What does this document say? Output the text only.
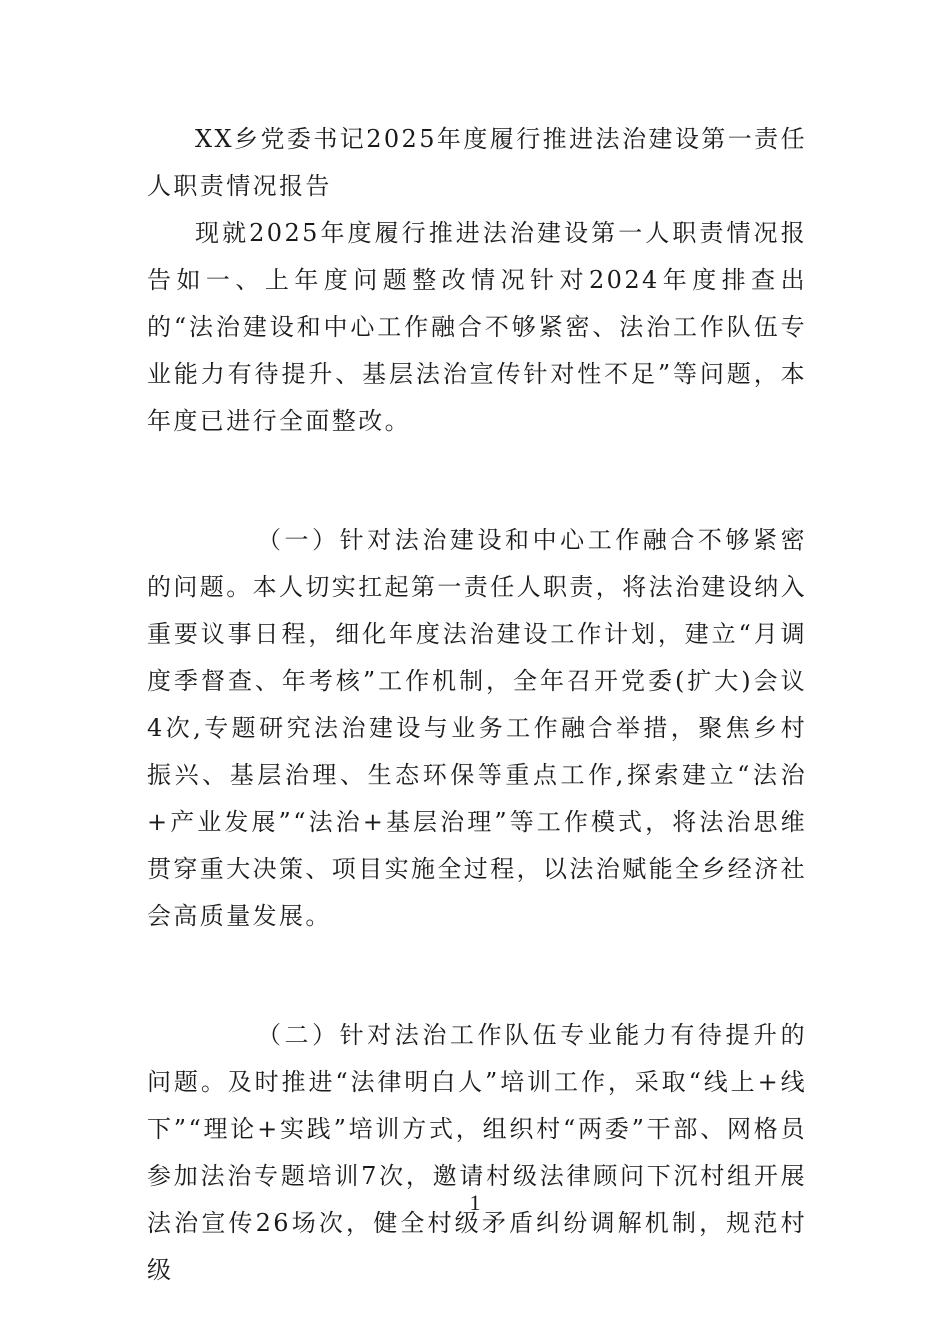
XX乡党委书记2025年度履行推进法治建设第一责任人职责情况报告

现就2025年度履行推进法治建设第一人职责情况报告如一、上年度问题整改情况针对2024年度排查出的“法治建设和中心工作融合不够紧密、法治工作队伍专业能力有待提升、基层法治宣传针对性不足”等问题，本年度已进行全面整改。

（一）针对法治建设和中心工作融合不够紧密的问题。本人切实扛起第一责任人职责，将法治建设纳入重要议事日程，细化年度法治建设工作计划，建立“月调度季督查、年考核”工作机制，全年召开党委(扩大)会议4次,专题研究法治建设与业务工作融合举措，聚焦乡村振兴、基层治理、生态环保等重点工作,探索建立“法治+产业发展”“法治+基层治理”等工作模式，将法治思维贯穿重大决策、项目实施全过程，以法治赋能全乡经济社会高质量发展。

（二）针对法治工作队伍专业能力有待提升的问题。及时推进“法律明白人”培训工作，采取“线上+线下”“理论+实践”培训方式，组织村“两委”干部、网格员参加法治专题培训7次，邀请村级法律顾问下沉村组开展法治宣传26场次，健全村级矛盾纠纷调解机制，规范村级

1
